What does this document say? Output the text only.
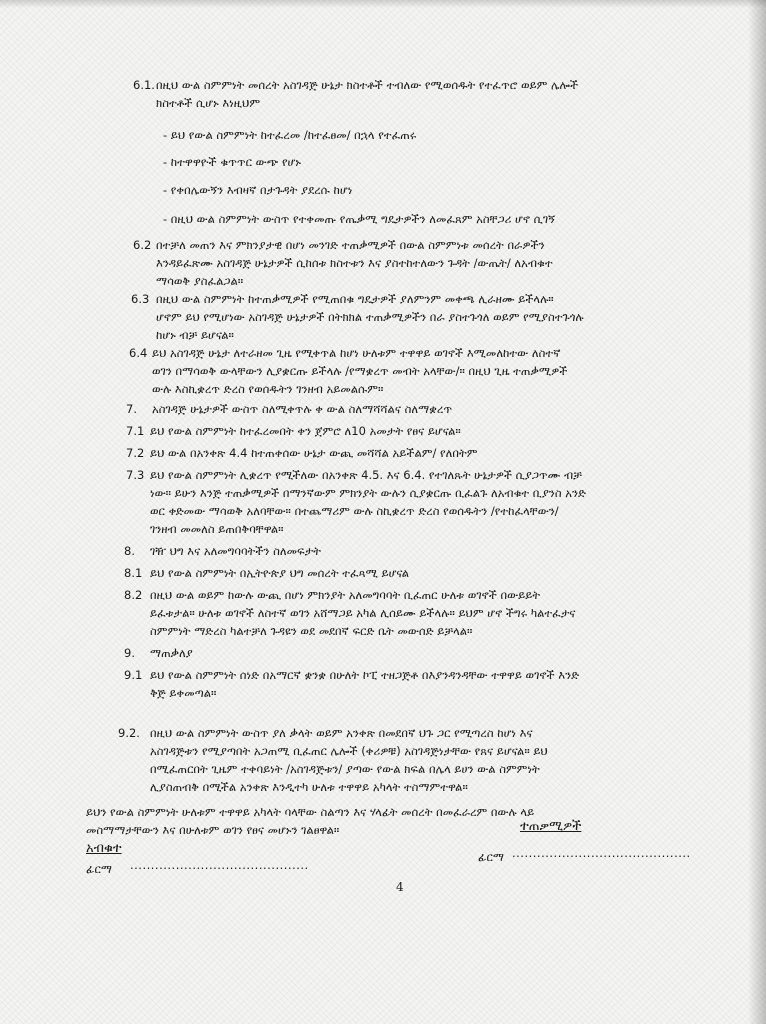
6.1. በዚህ ውል ስምምነት መሰረት አስገዳጅ ሁኔታ ክስተቶች ተብለው የሚወሰዱት የተፈጥሮ ወይም ሌሎች
ክስተቶች ሲሆኑ እነዚህም
- ይህ የውል ስምምነት ከተፈረመ /ከተፈፀመ/ በኋላ የተፈጠሩ
- ከተዋዋዮች ቁጥጥር ውጭ የሆኑ
- የቀበሌውኝን እብዛኛ በታጉዳት ያደረሱ ከሆነ
- በዚህ ውል ስምምነት ውስጥ የተቀመጡ የጤቃሚ ግዴታዎችን ለመፈጸም አስቸጋሪ ሆኖ ሲገኝ
6.2 በተቻለ መጠን እና ምክንያታዊ በሆነ መንገድ ተጠቃሚዎች በውል ስምምነቱ መሰረት በራዎችን
እንዳይፈጽሙ አስገዳጅ ሁኔታዎች ሲከሰቱ ክስተቱን እና ያስተከተለውን ጉዳት /ውጤት/ ለአብቁተ
ማሳወቅ ያስፈልጋል።
6.3 በዚህ ውል ስምምነት ከተጠቃሚዎች የሚጠበቁ ግዴታዎች ያለምንም መቀጫ ሊራዘሙ ይችላሉ።
ሆኖም ይህ የሚሆነው አስገዳጅ ሁኔታዎች በትክክል ተጠቃሚዎችን በራ ያስተጉጎለ ወይም የሚያስተጉጎሉ
ከሆኑ ብቻ ይሆናል።
6.4 ይህ አስገዳጅ ሁኔታ ለተራዘመ ጊዜ የሚቀጥል ከሆነ ሁለቱም ተዋዋይ ወገኖች እሚመለከተው ለስተኛ
ወገን በማሳወቅ ውላቸውን ሊያቋርጡ ይችላሉ /የማቋረጥ መብት አላቸው/። በዚህ ጊዜ ተጠቃሚዎች
ውሉ እስኪቋረጥ ድረስ የወሰዱትን ገንዘብ አይመልሱም።
7. አስገዳጅ ሁኔታዎች ውስጥ ስለሚቀጥሉ ቀ ውል ስለማሻሻልና ስለማቋረጥ
7.1 ይህ የውል ስምምነት ከተፈረመበት ቀን ጀምሮ ለ10 አመታት የፀና ይሆናል።
7.2 ይህ ውል በአንቀጽ 4.4 ከተጠቀሰው ሁኔታ ውጪ መሻሻል አይችልም/ የለበትም
7.3 ይህ የውል ስምምነት ሊቋረጥ የሚችለው በአንቀጽ 4.5. እና 6.4. የተገለጹት ሁኔታዎች ሲያጋጥሙ ብቻ
ነው። ይሁን እንጅ ተጠቃሚዎች በማንኛውም ምክንያት ውሉን ሲያቋርጡ ቢፈልጉ ለአብቁተ ቢያንስ አንድ
ወር ቀድመው ማሳወቅ አለባቸው። በተጨማሪም ውሉ ስኪቋረጥ ድረስ የወሰዱትን /የተከፈላቸውን/
ገንዘብ መመለስ ይጠበቅባቸዋል።
8. ገዥ ህግ እና አለመግባባትችን ስለመፍታት
8.1 ይህ የውል ስምምነት በኢትዮጵያ ህግ መሰረት ተፈጻሚ ይሆናል
8.2 በዚህ ውል ወይም ከውሉ ውጪ በሆነ ምክንያት አለመግባባት ቢፈጠር ሁለቱ ወገኖች በውይይት
ይፈቱታል። ሁለቱ ወገኖች ለስተኛ ወገን አሸማጋይ አካል ሊሰይሙ ይችላሉ። ይህም ሆኖ ችግሩ ካልተፈታና
ስምምነት ማድረስ ካልተቻለ ጉዳዩን ወደ መደበኛ ፍርድ ቤት መውሰድ ይቻላል።
9. ማጠቃለያ
9.1 ይህ የውል ስምምነት ሰነድ በአማርኛ ቋንቋ በሁለት ኮፒ ተዘጋጅቶ በእያንዳንዳቸው ተዋዋይ ወገኖች እንድ
ቅጅ ይቀመጣል።
9.2. በዚህ ውል ስምምነት ውስጥ ያለ ቃላት ወይም አንቀጽ በመደበኛ ህጉ ጋር የሚጣረስ ከሆነ እና
አስገዳጅቱን የሚያጣበት አጋጠሚ ቢፈጠር ሌሎች (ቀሪዎቹ) አስገዳጅነታቸው የጸና ይሆናል። ይህ
በሚፈጠርበት ጊዜም ተቀባይነት /አስገዳጅቱን/ ያጣው የውል ክፍል በሌላ ይሀን ውል ስምምነት
ሊያስጠብቅ በሚችል አንቀጽ እንዲተካ ሁለቱ ተዋዋይ አካላት ተስማምተዋል።
ይህን የውል ስምምነት ሁለቱም ተዋዋይ አካላት ባላቸው ስልጣን እና ሃላፊት መሰረት በመፈራረም በውሉ ላይ
መስማማታቸውን እና በሁለቱም ወገን የፀና መሆኑን ገልፀዋል።
አብቁተ
ተጠቃሚዎች
ፊርማ ...........................................
ፊርማ ...........................................
4
